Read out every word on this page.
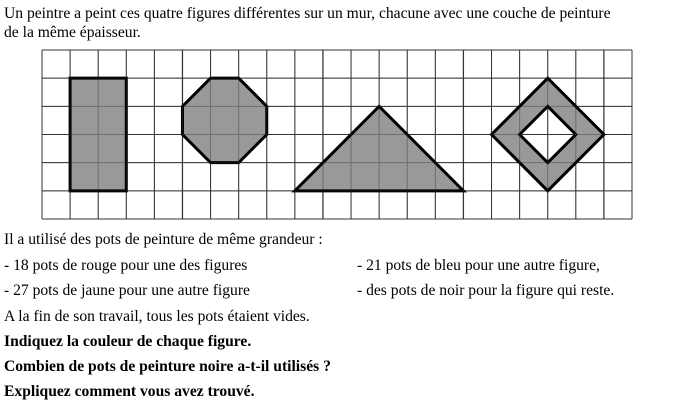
Un peintre a peint ces quatre figures différentes sur un mur, chacune avec une couche de peinture
de la même épaisseur.
Il a utilisé des pots de peinture de même grandeur :
- 18 pots de rouge pour une des figures	- 21 pots de bleu pour une autre figure,
- 27 pots de jaune pour une autre figure	- des pots de noir pour la figure qui reste.
A la fin de son travail, tous les pots étaient vides.
Indiquez la couleur de chaque figure.
Combien de pots de peinture noire a-t-il utilisés ?
Expliquez comment vous avez trouvé.
